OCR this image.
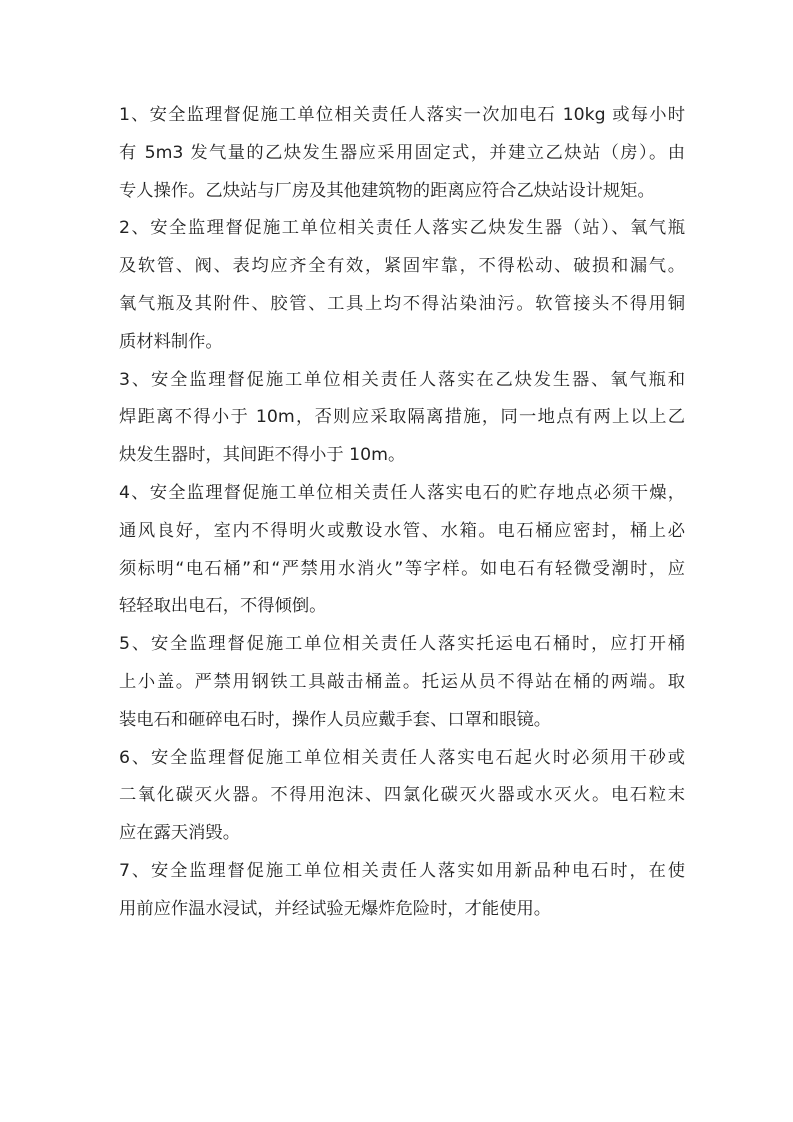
1、安全监理督促施工单位相关责任人落实一次加电石 10kg 或每小时
有 5m3 发气量的乙炔发生器应采用固定式，并建立乙炔站（房）。由
专人操作。乙炔站与厂房及其他建筑物的距离应符合乙炔站设计规矩。
2、安全监理督促施工单位相关责任人落实乙炔发生器（站）、氧气瓶
及软管、阀、表均应齐全有效，紧固牢靠，不得松动、破损和漏气。
氧气瓶及其附件、胶管、工具上均不得沾染油污。软管接头不得用铜
质材料制作。
3、安全监理督促施工单位相关责任人落实在乙炔发生器、氧气瓶和
焊距离不得小于 10m，否则应采取隔离措施，同一地点有两上以上乙
炔发生器时，其间距不得小于 10m。
4、安全监理督促施工单位相关责任人落实电石的贮存地点必须干燥，
通风良好，室内不得明火或敷设水管、水箱。电石桶应密封，桶上必
须标明“电石桶”和“严禁用水消火”等字样。如电石有轻微受潮时，应
轻轻取出电石，不得倾倒。
5、安全监理督促施工单位相关责任人落实托运电石桶时，应打开桶
上小盖。严禁用钢铁工具敲击桶盖。托运从员不得站在桶的两端。取
装电石和砸碎电石时，操作人员应戴手套、口罩和眼镜。
6、安全监理督促施工单位相关责任人落实电石起火时必须用干砂或
二氧化碳灭火器。不得用泡沫、四氯化碳灭火器或水灭火。电石粒末
应在露天消毁。
7、安全监理督促施工单位相关责任人落实如用新品种电石时，在使
用前应作温水浸试，并经试验无爆炸危险时，才能使用。
